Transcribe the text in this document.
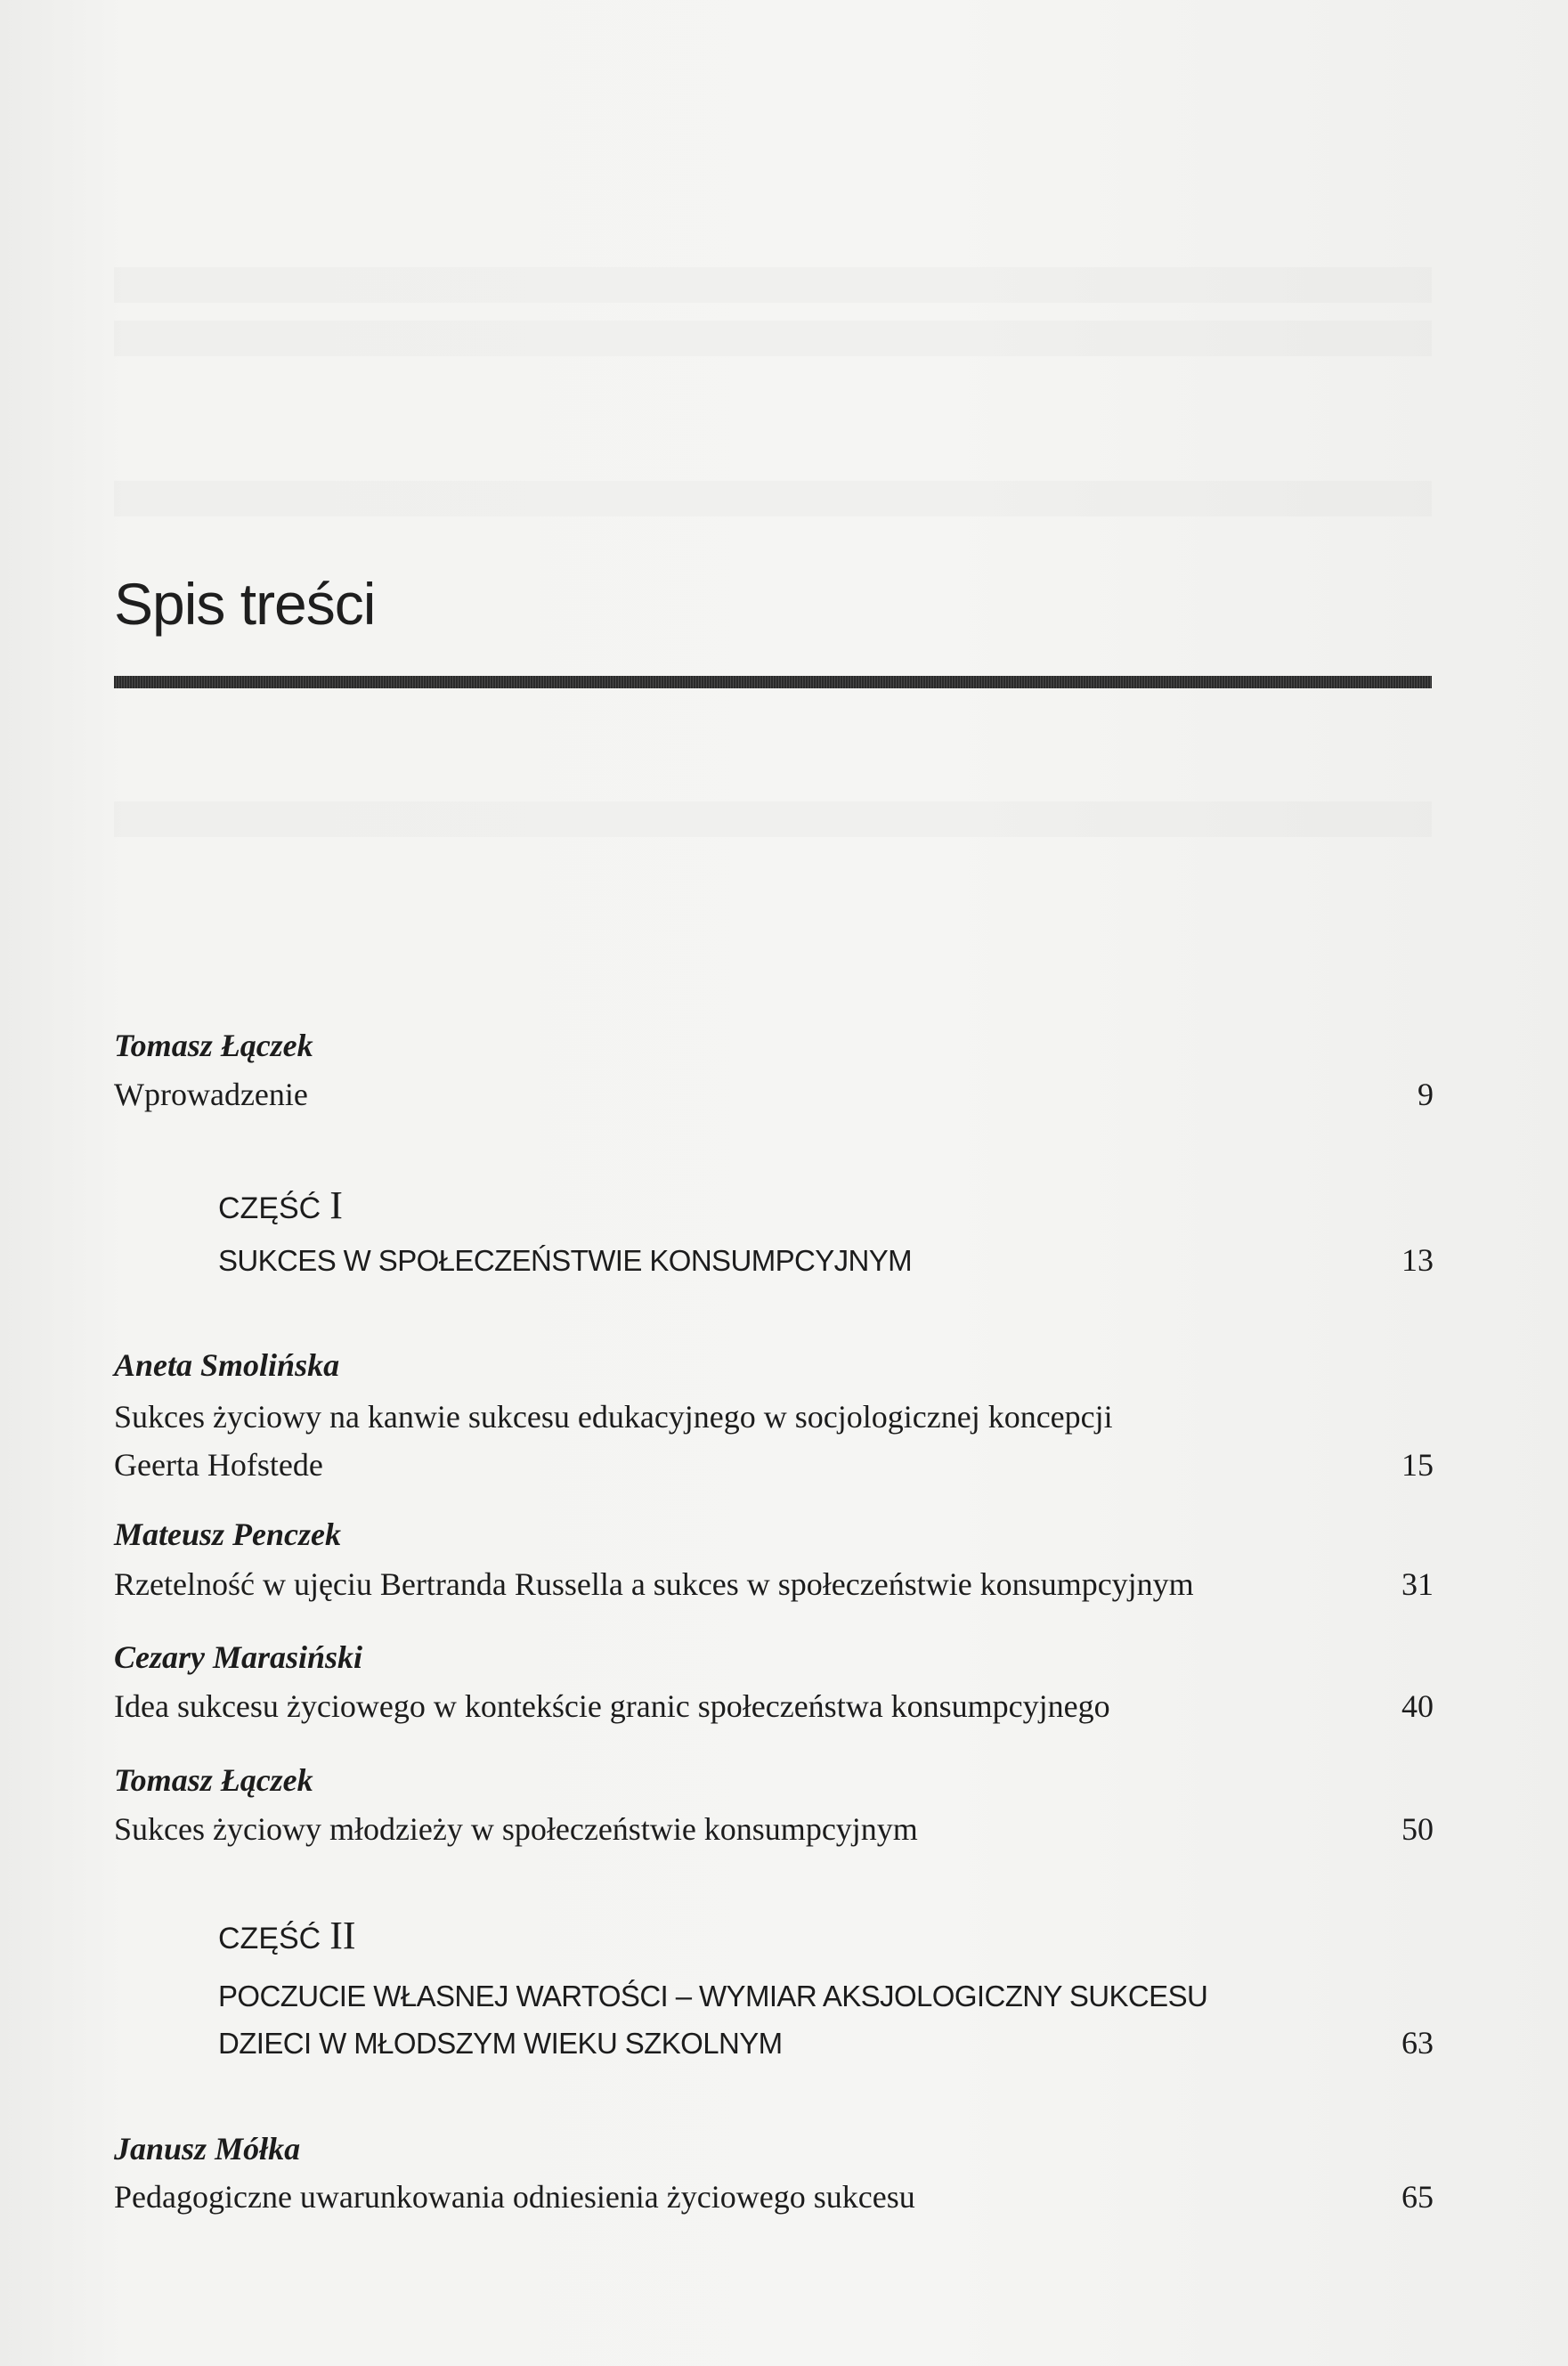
Spis treści
Tomasz Łączek
Wprowadzenie	9
CZĘŚĆ I
SUKCES W SPOŁECZEŃSTWIE KONSUMPCYJNYM	13
Aneta Smolińska
Sukces życiowy na kanwie sukcesu edukacyjnego w socjologicznej koncepcji
Geerta Hofstede	15
Mateusz Penczek
Rzetelność w ujęciu Bertranda Russella a sukces w społeczeństwie konsumpcyjnym	31
Cezary Marasiński
Idea sukcesu życiowego w kontekście granic społeczeństwa konsumpcyjnego	40
Tomasz Łączek
Sukces życiowy młodzieży w społeczeństwie konsumpcyjnym	50
CZĘŚĆ II
POCZUCIE WŁASNEJ WARTOŚCI – WYMIAR AKSJOLOGICZNY SUKCESU
DZIECI W MŁODSZYM WIEKU SZKOLNYM	63
Janusz Mółka
Pedagogiczne uwarunkowania odniesienia życiowego sukcesu	65
